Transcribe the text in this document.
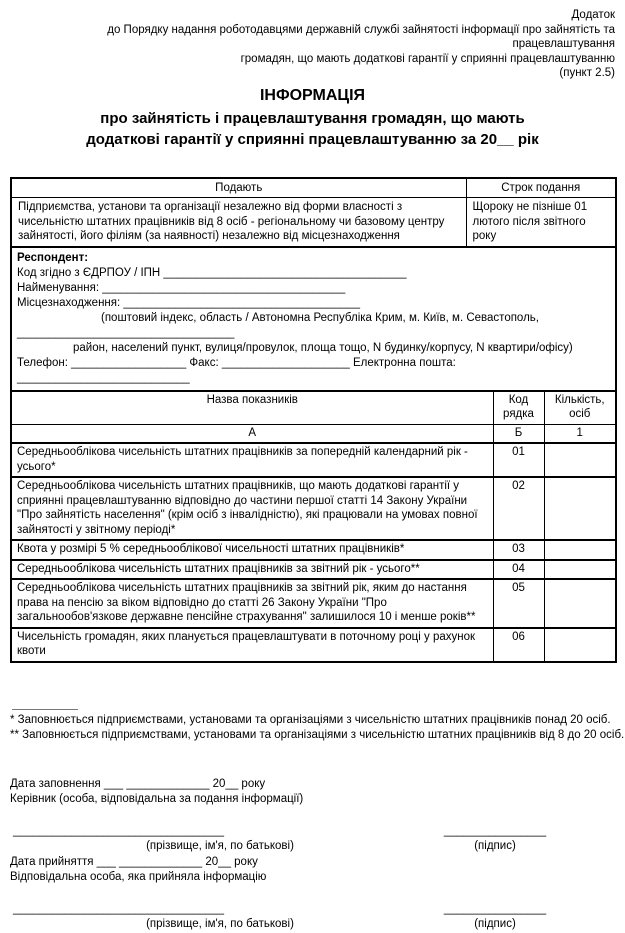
Додаток
до Порядку надання роботодавцями державній службі зайнятості інформації про зайнятість та працевлаштування
громадян, що мають додаткові гарантії у сприянні працевлаштуванню
(пункт 2.5)
ІНФОРМАЦІЯ
про зайнятість і працевлаштування громадян, що мають додаткові гарантії у сприянні працевлаштуванню за 20__ рік
Подають	Строк подання
Підприємства, установи та організації незалежно від форми власності з чисельністю штатних працівників від 8 осіб - регіональному чи базовому центру зайнятості, його філіям (за наявності) незалежно від місцезнаходження	Щороку не пізніше 01 лютого після звітного року

Респондент:
Код згідно з ЄДРПОУ / ІПН ______________________________________
Найменування: ______________________________________
Місцезнаходження: _____________________________________
(поштовий індекс, область / Автономна Республіка Крим, м. Київ, м. Севастополь,
__________________________________
район, населений пункт, вулиця/провулок, площа тощо, N будинку/корпусу, N квартири/офісу)
Телефон: __________________ Факс: ____________________ Електронна пошта: ___________________________
Назва показників	Код рядка	Кількість, осіб
А	Б	1
Середньооблікова чисельність штатних працівників за попередній календарний рік - усього*	01	
Середньооблікова чисельність штатних працівників, що мають додаткові гарантії у сприянні працевлаштуванню відповідно до частини першої статті 14 Закону України "Про зайнятість населення" (крім осіб з інвалідністю), які працювали на умовах повної зайнятості у звітному періоді*	02	
Квота у розмірі 5 % середньооблікової чисельності штатних працівників*	03	
Середньооблікова чисельність штатних працівників за звітний рік - усього**	04	
Середньооблікова чисельність штатних працівників за звітний рік, яким до настання права на пенсію за віком відповідно до статті 26 Закону України "Про загальнообов'язкове державне пенсійне страхування" залишилося 10 і менше років**	05	
Чисельність громадян, яких планується працевлаштувати в поточному році у рахунок квоти	06	
* Заповнюється підприємствами, установами та організаціями з чисельністю штатних працівників понад 20 осіб.
** Заповнюється підприємствами, установами та організаціями з чисельністю штатних працівників від 8 до 20 осіб.
Дата заповнення ___ _____________ 20__ року
Керівник (особа, відповідальна за подання інформації)
_________________________________
(прізвище, ім'я, по батькові)
________________
(підпис)
Дата прийняття ___ _____________ 20__ року
Відповідальна особа, яка прийняла інформацію
_________________________________
(прізвище, ім'я, по батькові)
________________
(підпис)
